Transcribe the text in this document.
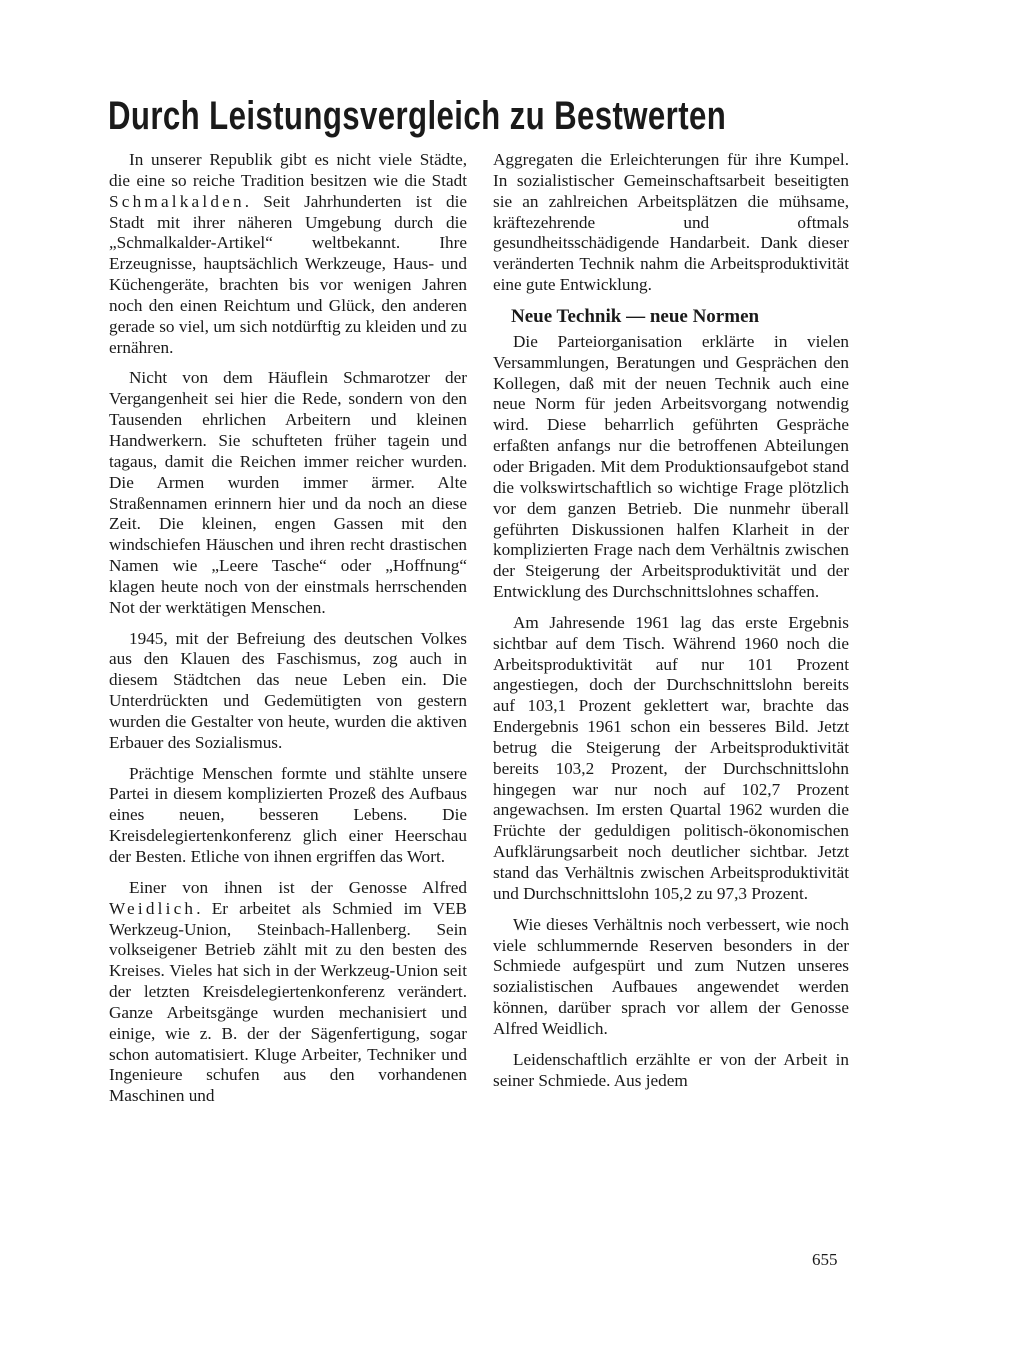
Durch Leistungsvergleich zu Bestwerten

In unserer Republik gibt es nicht viele Städte, die eine so reiche Tradition besitzen wie die Stadt Schmalkalden. Seit Jahrhunderten ist die Stadt mit ihrer näheren Umgebung durch die „Schmalkalder-Artikel“ weltbekannt. Ihre Erzeugnisse, hauptsächlich Werkzeuge, Haus- und Küchengeräte, brachten bis vor wenigen Jahren noch den einen Reichtum und Glück, den anderen gerade so viel, um sich notdürftig zu kleiden und zu ernähren.

Nicht von dem Häuflein Schmarotzer der Vergangenheit sei hier die Rede, sondern von den Tausenden ehrlichen Arbeitern und kleinen Handwerkern. Sie schufteten früher tagein und tagaus, damit die Reichen immer reicher wurden. Die Armen wurden immer ärmer. Alte Straßennamen erinnern hier und da noch an diese Zeit. Die kleinen, engen Gassen mit den windschiefen Häuschen und ihren recht drastischen Namen wie „Leere Tasche“ oder „Hoffnung“ klagen heute noch von der einstmals herrschenden Not der werktätigen Menschen.

1945, mit der Befreiung des deutschen Volkes aus den Klauen des Faschismus, zog auch in diesem Städtchen das neue Leben ein. Die Unterdrückten und Gedemütigten von gestern wurden die Gestalter von heute, wurden die aktiven Erbauer des Sozialismus.

Prächtige Menschen formte und stählte unsere Partei in diesem komplizierten Prozeß des Aufbaus eines neuen, besseren Lebens. Die Kreisdelegiertenkonferenz glich einer Heerschau der Besten. Etliche von ihnen ergriffen das Wort.

Einer von ihnen ist der Genosse Alfred Weidlich. Er arbeitet als Schmied im VEB Werkzeug-Union, Steinbach-Hallenberg. Sein volkseigener Betrieb zählt mit zu den besten des Kreises. Vieles hat sich in der Werkzeug-Union seit der letzten Kreisdelegiertenkonferenz verändert. Ganze Arbeitsgänge wurden mechanisiert und einige, wie z. B. der der Sägenfertigung, sogar schon automatisiert. Kluge Arbeiter, Techniker und Ingenieure schufen aus den vorhandenen Maschinen und

Aggregaten die Erleichterungen für ihre Kumpel. In sozialistischer Gemeinschaftsarbeit beseitigten sie an zahlreichen Arbeitsplätzen die mühsame, kräftezehrende und oftmals gesundheitsschädigende Handarbeit. Dank dieser veränderten Technik nahm die Arbeitsproduktivität eine gute Entwicklung.

Neue Technik — neue Normen

Die Parteiorganisation erklärte in vielen Versammlungen, Beratungen und Gesprächen den Kollegen, daß mit der neuen Technik auch eine neue Norm für jeden Arbeitsvorgang notwendig wird. Diese beharrlich geführten Gespräche erfaßten anfangs nur die betroffenen Abteilungen oder Brigaden. Mit dem Produktionsaufgebot stand die volkswirtschaftlich so wichtige Frage plötzlich vor dem ganzen Betrieb. Die nunmehr überall geführten Diskussionen halfen Klarheit in der komplizierten Frage nach dem Verhältnis zwischen der Steigerung der Arbeitsproduktivität und der Entwicklung des Durchschnittslohnes schaffen.

Am Jahresende 1961 lag das erste Ergebnis sichtbar auf dem Tisch. Während 1960 noch die Arbeitsproduktivität auf nur 101 Prozent angestiegen, doch der Durchschnittslohn bereits auf 103,1 Prozent geklettert war, brachte das Endergebnis 1961 schon ein besseres Bild. Jetzt betrug die Steigerung der Arbeitsproduktivität bereits 103,2 Prozent, der Durchschnittslohn hingegen war nur noch auf 102,7 Prozent angewachsen. Im ersten Quartal 1962 wurden die Früchte der geduldigen politisch-ökonomischen Aufklärungsarbeit noch deutlicher sichtbar. Jetzt stand das Verhältnis zwischen Arbeitsproduktivität und Durchschnittslohn 105,2 zu 97,3 Prozent.

Wie dieses Verhältnis noch verbessert, wie noch viele schlummernde Reserven besonders in der Schmiede aufgespürt und zum Nutzen unseres sozialistischen Aufbaues angewendet werden können, darüber sprach vor allem der Genosse Alfred Weidlich.

Leidenschaftlich erzählte er von der Arbeit in seiner Schmiede. Aus jedem

655
